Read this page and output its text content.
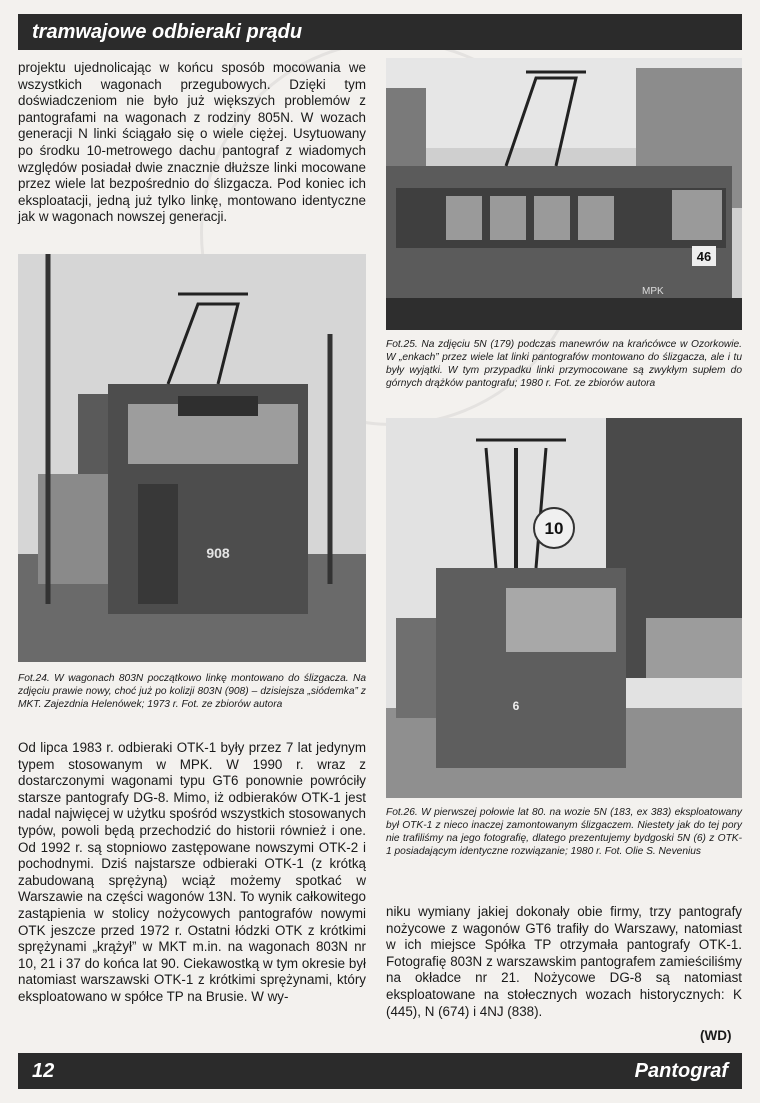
tramwajowe odbieraki prądu
projektu ujednolicając w końcu sposób mocowania we wszystkich wagonach przegubowych. Dzięki tym doświadczeniom nie było już większych problemów z pantografami na wagonach z rodziny 805N. W wozach generacji N linki ściągało się o wiele ciężej. Usytuowany po środku 10-metrowego dachu pantograf z wiadomych względów posiadał dwie znacznie dłuższe linki mocowane przez wiele lat bezpośrednio do ślizgacza. Pod koniec ich eksploatacji, jedną już tylko linkę, montowano identyczne jak w wagonach nowszej generacji.
46
MPK
Fot.25. Na zdjęciu 5N (179) podczas manewrów na krańcówce w Ozorkowie. W „enkach” przez wiele lat linki pantografów montowano do ślizgacza, ale i tu były wyjątki. W tym przypadku linki przymocowane są zwykłym supłem do górnych drążków pantografu; 1980 r. Fot. ze zbiorów autora
908
Fot.24. W wagonach 803N początkowo linkę montowano do ślizgacza. Na zdjęciu prawie nowy, choć już po kolizji 803N (908) – dzisiejsza „siódemka” z MKT. Zajezdnia Helenówek; 1973 r. Fot. ze zbiorów autora
10
6
Fot.26. W pierwszej połowie lat 80. na wozie 5N (183, ex 383) eksploatowany był OTK-1 z nieco inaczej zamontowanym ślizgaczem. Niestety jak do tej pory nie trafiliśmy na jego fotografię, dlatego prezentujemy bydgoski 5N (6) z OTK-1 posiadającym identyczne rozwiązanie; 1980 r. Fot. Olie S. Nevenius
Od lipca 1983 r. odbieraki OTK-1 były przez 7 lat jedynym typem stosowanym w MPK. W 1990 r. wraz z dostarczonymi wagonami typu GT6 ponownie powróciły starsze pantografy DG-8. Mimo, iż odbieraków OTK-1 jest nadal najwięcej w użytku spośród wszystkich stosowanych typów, powoli będą przechodzić do historii również i one. Od 1992 r. są stopniowo zastępowane nowszymi OTK-2 i pochodnymi. Dziś najstarsze odbieraki OTK-1 (z krótką zabudowaną sprężyną) wciąż możemy spotkać w Warszawie na części wagonów 13N. To wynik całkowitego zastąpienia w stolicy nożycowych pantografów nowymi OTK jeszcze przed 1972 r. Ostatni łódzki OTK z krótkimi sprężynami „krążył” w MKT m.in. na wagonach 803N nr 10, 21 i 37 do końca lat 90. Ciekawostką w tym okresie był natomiast warszawski OTK-1 z krótkimi sprężynami, który eksploatowano w spółce TP na Brusie. W wy-
niku wymiany jakiej dokonały obie firmy, trzy pantografy nożycowe z wagonów GT6 trafiły do Warszawy, natomiast w ich miejsce Spółka TP otrzymała pantografy OTK-1. Fotografię 803N z warszawskim pantografem zamieściliśmy na okładce nr 21. Nożycowe DG-8 są natomiast eksploatowane na stołecznych wozach historycznych: K (445), N (674) i 4NJ (838).
(WD)
12	Pantograf
